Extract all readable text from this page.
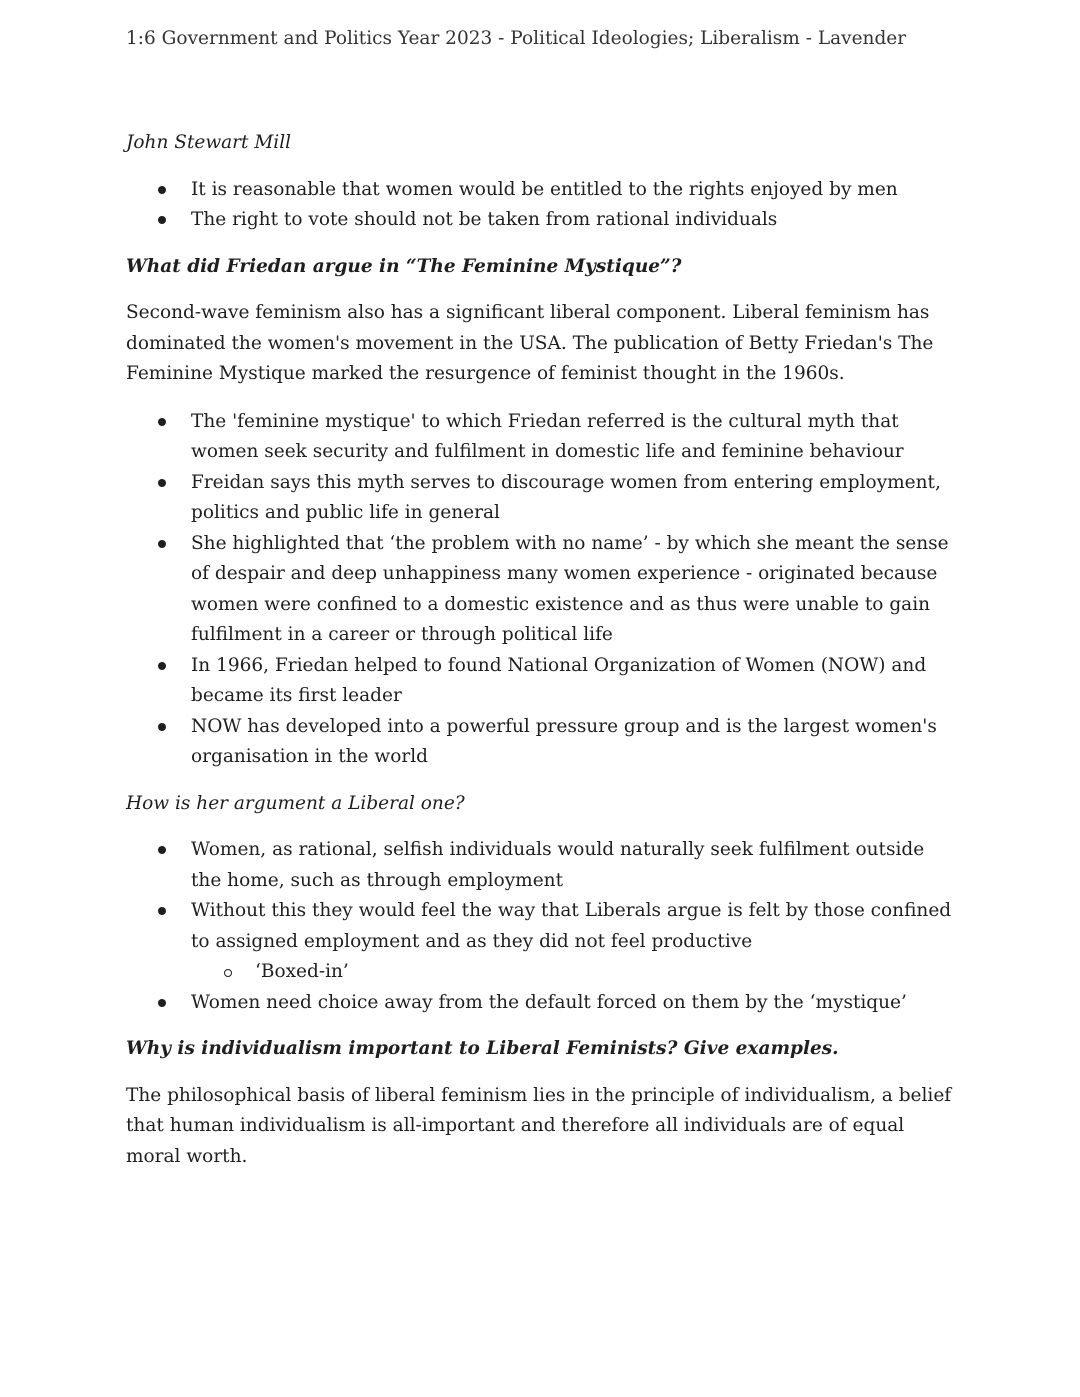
1:6 Government and Politics Year 2023 - Political Ideologies; Liberalism - Lavender

John Stewart Mill

It is reasonable that women would be entitled to the rights enjoyed by men
The right to vote should not be taken from rational individuals

What did Friedan argue in “The Feminine Mystique”?

Second-wave feminism also has a significant liberal component. Liberal feminism has dominated the women's movement in the USA. The publication of Betty Friedan's The Feminine Mystique marked the resurgence of feminist thought in the 1960s.

The 'feminine mystique' to which Friedan referred is the cultural myth that women seek security and fulfilment in domestic life and feminine behaviour
Freidan says this myth serves to discourage women from entering employment, politics and public life in general
She highlighted that ‘the problem with no name’ - by which she meant the sense of despair and deep unhappiness many women experience - originated because women were confined to a domestic existence and as thus were unable to gain fulfilment in a career or through political life
In 1966, Friedan helped to found National Organization of Women (NOW) and became its first leader
NOW has developed into a powerful pressure group and is the largest women's organisation in the world

How is her argument a Liberal one?

Women, as rational, selfish individuals would naturally seek fulfilment outside the home, such as through employment
Without this they would feel the way that Liberals argue is felt by those confined to assigned employment and as they did not feel productive
‘Boxed-in’
Women need choice away from the default forced on them by the ‘mystique’

Why is individualism important to Liberal Feminists? Give examples.

The philosophical basis of liberal feminism lies in the principle of individualism, a belief that human individualism is all-important and therefore all individuals are of equal moral worth.
